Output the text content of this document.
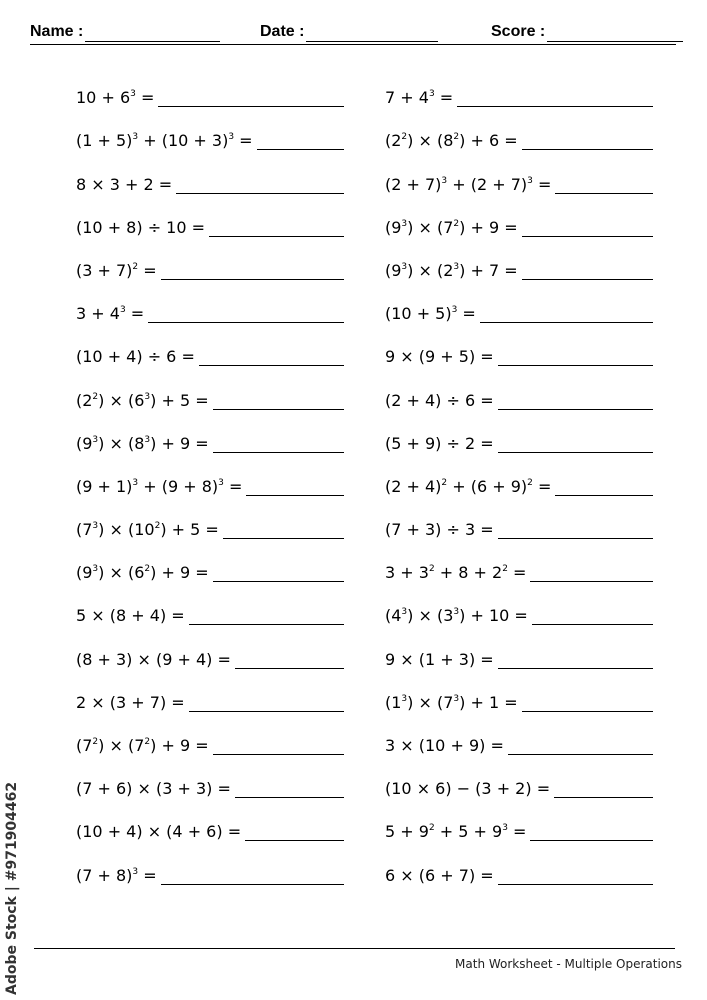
Name :	Date :	Score :
$10 + 6^3$ =
$(1 + 5)^3 + (10 + 3)^3$ =
8 × 3 + 2 =
(10 + 8) ÷ 10 =
$(3 + 7)^2$ =
$3 + 4^3$ =
(10 + 4) ÷ 6 =
$(2^2) \times (6^3) + 5$ =
$(9^3) \times (8^3) + 9$ =
$(9 + 1)^3 + (9 + 8)^3$ =
$(7^3) \times (10^2) + 5$ =
$(9^3) \times (6^2) + 9$ =
5 × (8 + 4) =
(8 + 3) × (9 + 4) =
2 × (3 + 7) =
$(7^2) \times (7^2) + 9$ =
(7 + 6) × (3 + 3) =
(10 + 4) × (4 + 6) =
$(7 + 8)^3$ =
$7 + 4^3$ =
$(2^2) \times (8^2) + 6$ =
$(2 + 7)^3 + (2 + 7)^3$ =
$(9^3) \times (7^2) + 9$ =
$(9^3) \times (2^3) + 7$ =
$(10 + 5)^3$ =
9 × (9 + 5) =
(2 + 4) ÷ 6 =
(5 + 9) ÷ 2 =
$(2 + 4)^2 + (6 + 9)^2$ =
(7 + 3) ÷ 3 =
$3 + 3^2 + 8 + 2^2$ =
$(4^3) \times (3^3) + 10$ =
9 × (1 + 3) =
$(1^3) \times (7^3) + 1$ =
3 × (10 + 9) =
(10 × 6) − (3 + 2) =
$5 + 9^2 + 5 + 9^3$ =
6 × (6 + 7) =
Math Worksheet - Multiple Operations
Adobe Stock | #971904462
